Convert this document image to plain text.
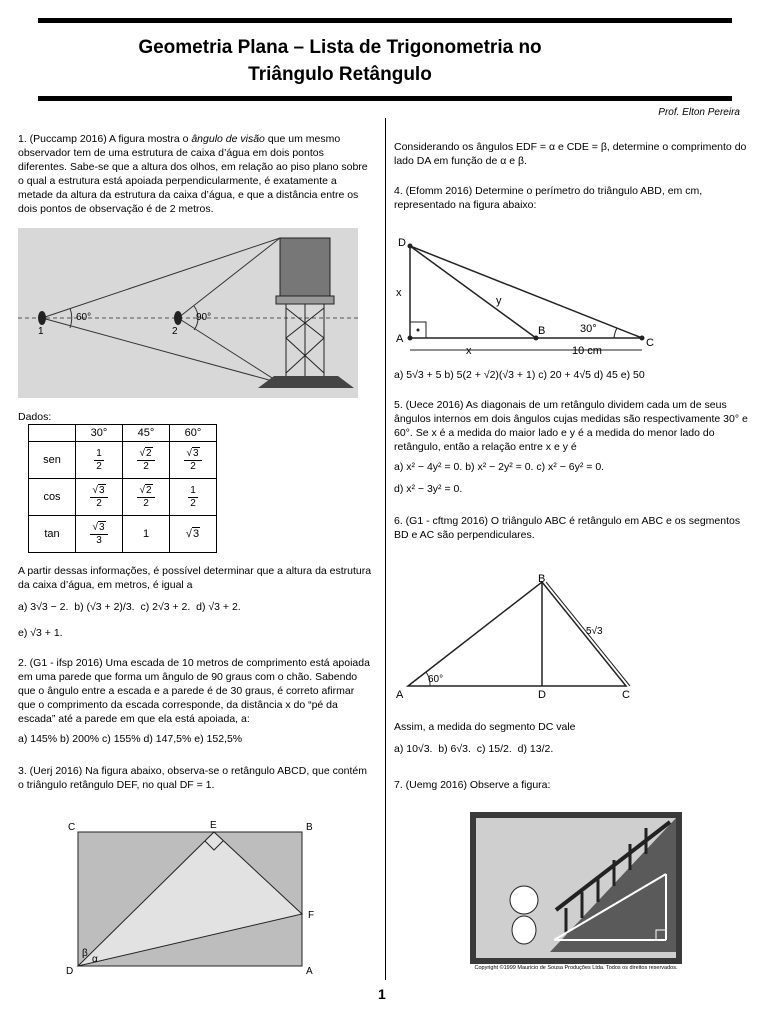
Geometria Plana – Lista de Trigonometria no
Triângulo Retângulo
Prof. Elton Pereira

1. (Puccamp 2016) A figura mostra o ângulo de visão que um mesmo observador tem de uma estrutura de caixa d’água em dois pontos diferentes. Sabe-se que a altura dos olhos, em relação ao piso plano sobre o qual a estrutura está apoiada perpendicularmente, é exatamente a metade da altura da estrutura da caixa d’água, e que a distância entre os dois pontos de observação é de 2 metros.

60°	90°
1	2
Dados:
	30°	45°	60°
sen	$\frac{1}{2}$	$\frac{√2}{2}$	$\frac{√3}{2}$

cos	$\frac{√3}{2}$	$\frac{√2}{2}$	$\frac{1}{2}$

tan	$\frac{√3}{3}$	1	√3

A partir dessas informações, é possível determinar que a altura da estrutura da caixa d’água, em metros, é igual a

a) 3√3 − 2. b) (√3 + 2)/3. c) 2√3 + 2. d) √3 + 2.

e) √3 + 1.

2. (G1 - ifsp 2016) Uma escada de 10 metros de comprimento está apoiada em uma parede que forma um ângulo de 90 graus com o chão. Sabendo que o ângulo entre a escada e a parede é de 30 graus, é correto afirmar que o comprimento da escada corresponde, da distância x do “pé da escada” até a parede em que ela está apoiada, a:

a) 145% b) 200% c) 155% d) 147,5% e) 152,5%

3. (Uerj 2016) Na figura abaixo, observa-se o retângulo ABCD, que contém o triângulo retângulo DEF, no qual DF = 1.

C	E	B
F
D	A
β
α

Considerando os ângulos EDF = α e CDE = β, determine o comprimento do lado DA em função de α e β.

4. (Efomm 2016) Determine o perímetro do triângulo ABD, em cm, representado na figura abaixo:

D
A
B
C
x
y
30°
x	10 cm

a) 5√3 + 5 b) 5(2 + √2)(√3 + 1) c) 20 + 4√5 d) 45 e) 50

5. (Uece 2016) As diagonais de um retângulo dividem cada um de seus ângulos internos em dois ângulos cujas medidas são respectivamente 30° e 60°. Se x é a medida do maior lado e y é a medida do menor lado do retângulo, então a relação entre x e y é

a) x² − 4y² = 0. b) x² − 2y² = 0. c) x² − 6y² = 0.

d) x² − 3y² = 0.

6. (G1 - cftmg 2016) O triângulo ABC é retângulo em ABC e os segmentos BD e AC são perpendiculares.

B
A	D	C
60°
5√3

Assim, a medida do segmento DC vale

a) 10√3. b) 6√3. c) 15/2. d) 13/2.

7. (Uemg 2016) Observe a figura:

Copyright ©1999 Mauricio de Sousa Produções Ltda. Todos os direitos reservados.
1
